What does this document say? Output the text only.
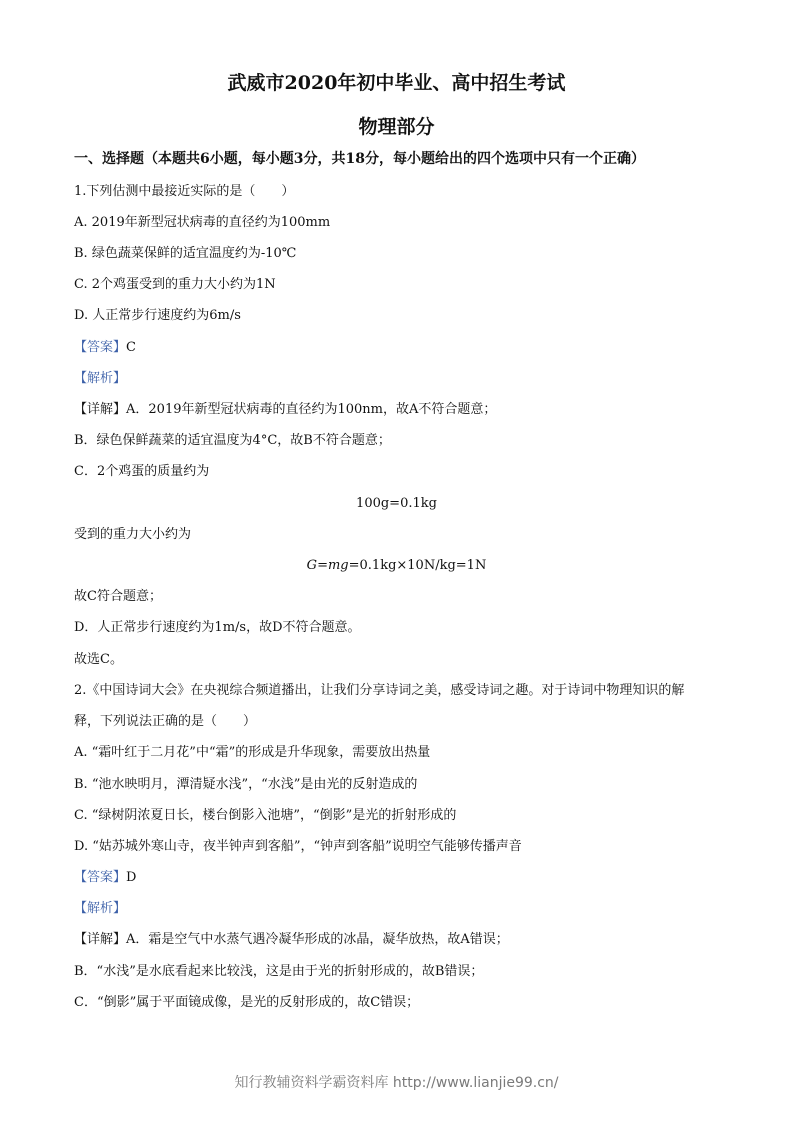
武威市2020年初中毕业、高中招生考试
物理部分
一、选择题（本题共6小题，每小题3分，共18分，每小题给出的四个选项中只有一个正确）
1.下列估测中最接近实际的是（　　）
A. 2019年新型冠状病毒的直径约为100mm
B. 绿色蔬菜保鲜的适宜温度约为-10℃
C. 2个鸡蛋受到的重力大小约为1N
D. 人正常步行速度约为6m/s
【答案】C
【解析】
【详解】A．2019年新型冠状病毒的直径约为100nm，故A不符合题意；
B．绿色保鲜蔬菜的适宜温度为4°C，故B不符合题意；
C．2个鸡蛋的质量约为
100g=0.1kg
受到的重力大小约为
G=mg=0.1kg×10N/kg=1N
故C符合题意；
D．人正常步行速度约为1m/s，故D不符合题意。
故选C。
2.《中国诗词大会》在央视综合频道播出，让我们分享诗词之美，感受诗词之趣。对于诗词中物理知识的解
释，下列说法正确的是（　　）
A. “霜叶红于二月花”中“霜”的形成是升华现象，需要放出热量
B. “池水映明月，潭清疑水浅”，“水浅”是由光的反射造成的
C. “绿树阴浓夏日长，楼台倒影入池塘”，“倒影”是光的折射形成的
D. “姑苏城外寒山寺，夜半钟声到客船”，“钟声到客船”说明空气能够传播声音
【答案】D
【解析】
【详解】A．霜是空气中水蒸气遇冷凝华形成的冰晶，凝华放热，故A错误；
B．“水浅”是水底看起来比较浅，这是由于光的折射形成的，故B错误；
C．“倒影”属于平面镜成像，是光的反射形成的，故C错误；
知行教辅资料学霸资料库 http://www.lianjie99.cn/
